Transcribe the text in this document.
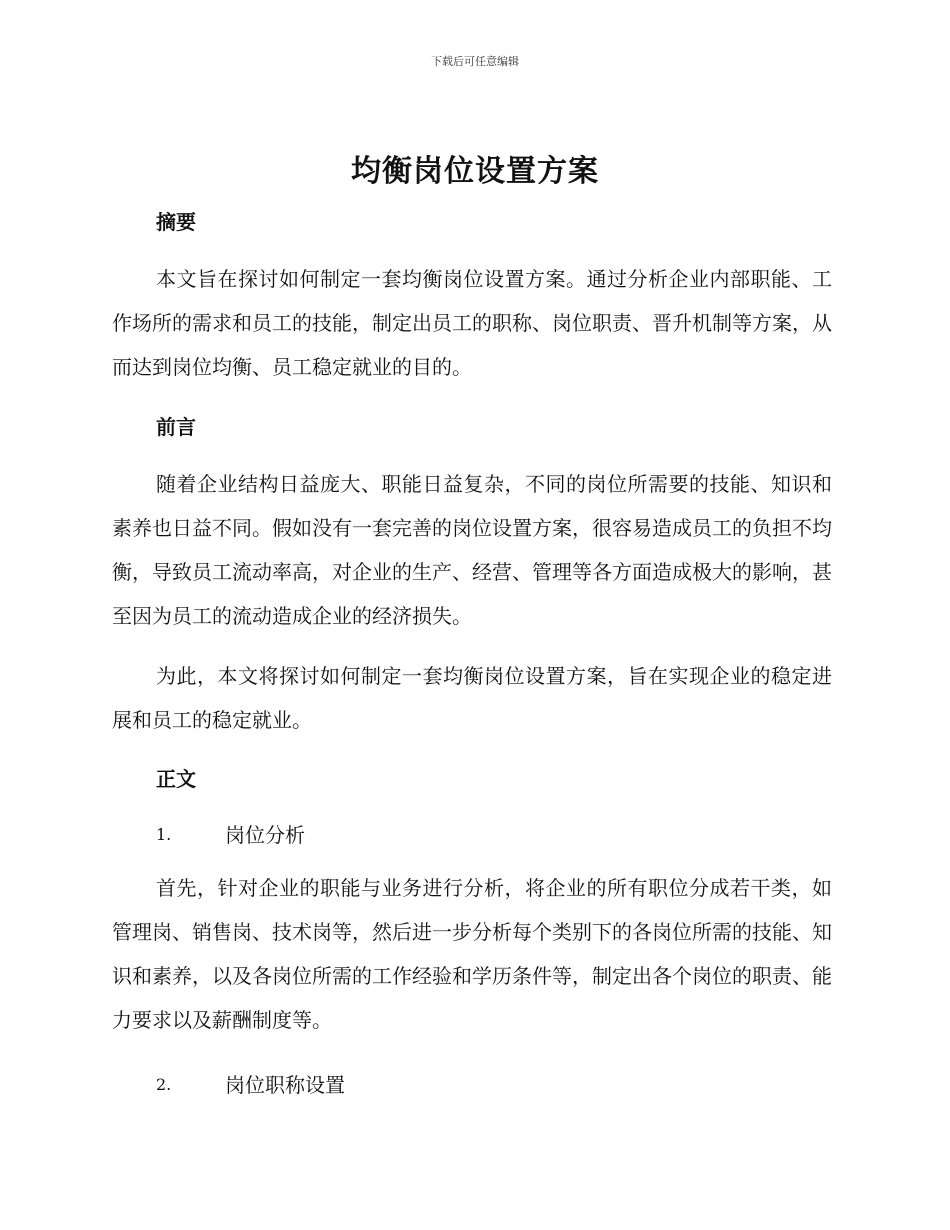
下载后可任意编辑
均衡岗位设置方案
摘要

本文旨在探讨如何制定一套均衡岗位设置方案。通过分析企业内部职能、工作场所的需求和员工的技能，制定出员工的职称、岗位职责、晋升机制等方案，从而达到岗位均衡、员工稳定就业的目的。

前言

随着企业结构日益庞大、职能日益复杂，不同的岗位所需要的技能、知识和素养也日益不同。假如没有一套完善的岗位设置方案，很容易造成员工的负担不均衡，导致员工流动率高，对企业的生产、经营、管理等各方面造成极大的影响，甚至因为员工的流动造成企业的经济损失。

为此，本文将探讨如何制定一套均衡岗位设置方案，旨在实现企业的稳定进展和员工的稳定就业。

正文
1.	岗位分析

首先，针对企业的职能与业务进行分析，将企业的所有职位分成若干类，如管理岗、销售岗、技术岗等，然后进一步分析每个类别下的各岗位所需的技能、知识和素养，以及各岗位所需的工作经验和学历条件等，制定出各个岗位的职责、能力要求以及薪酬制度等。

2.	岗位职称设置
